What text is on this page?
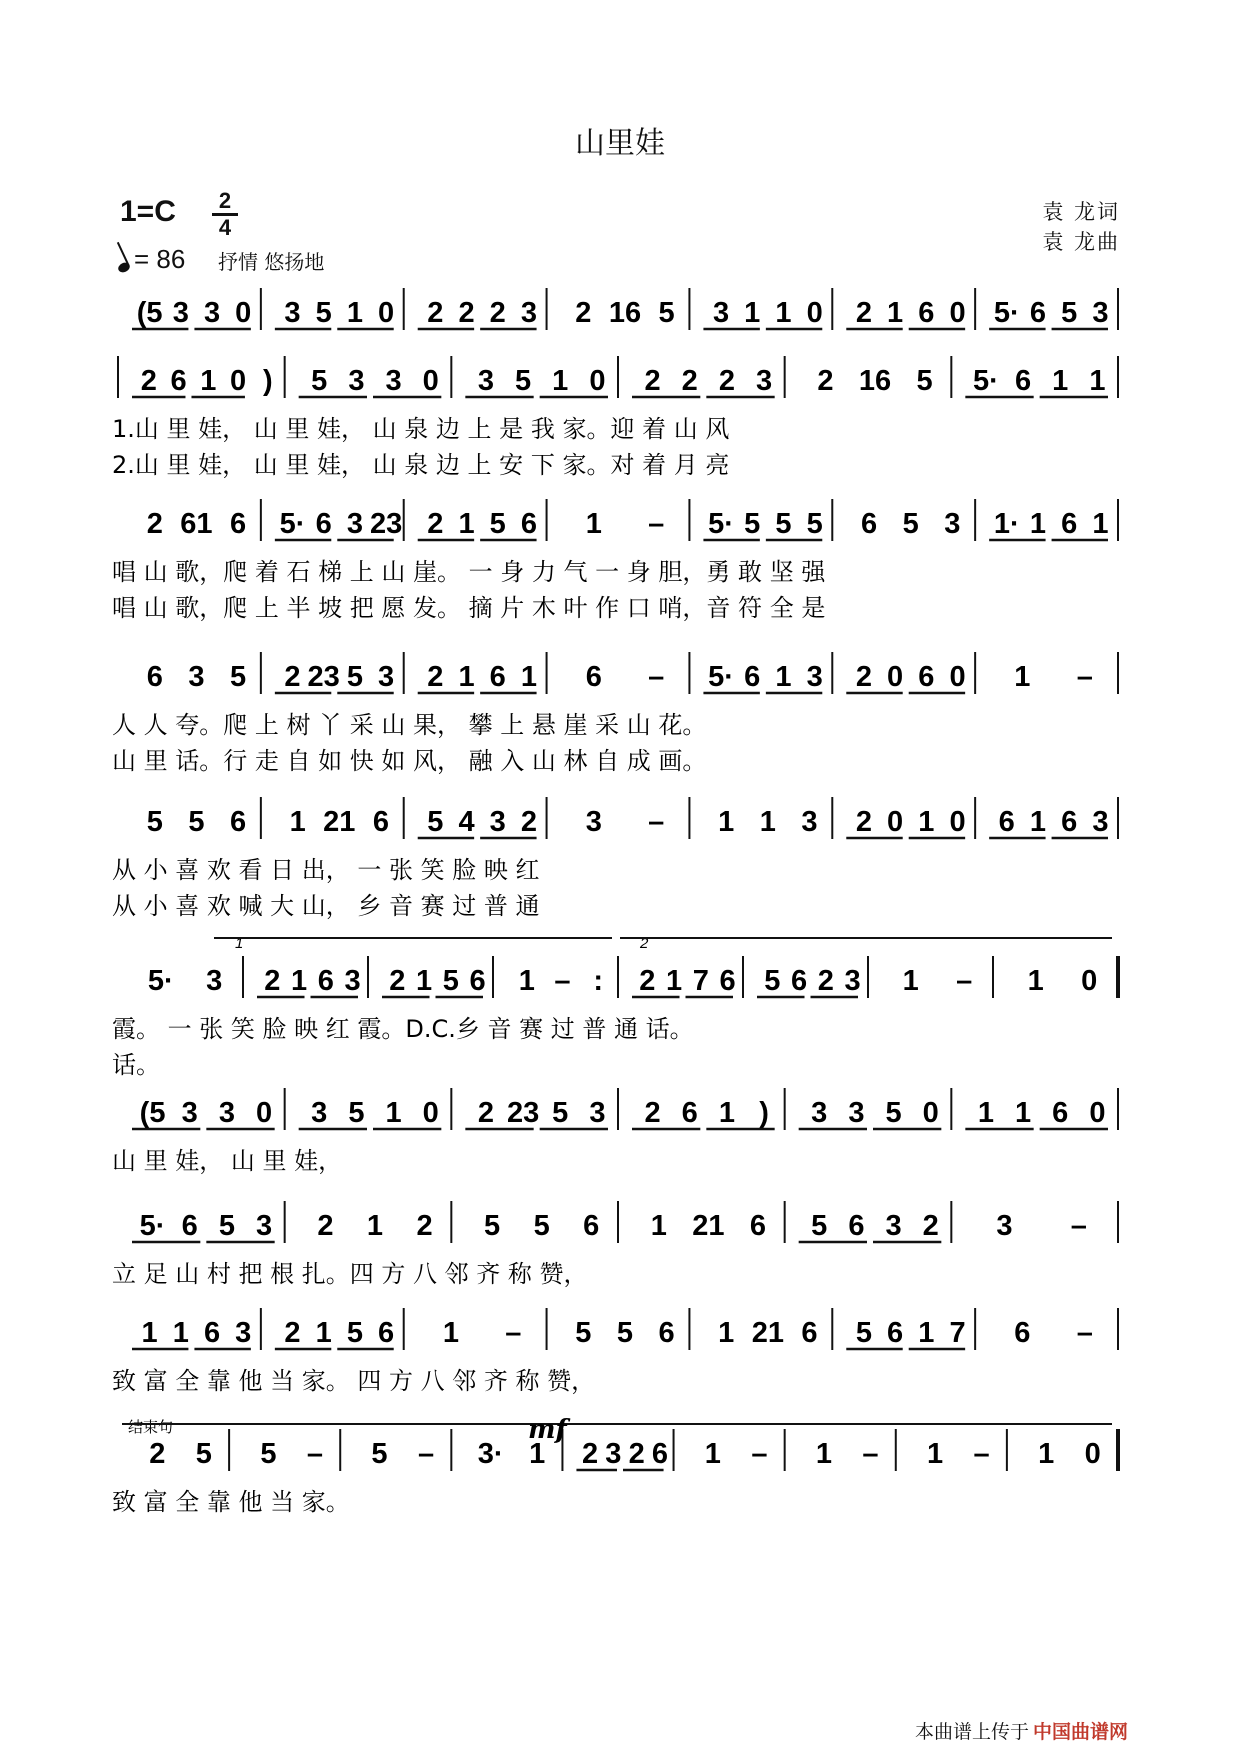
山里娃
1=C	2
4
= 86 抒情 悠扬地
袁 龙词
袁 龙曲
(5 3 3 0 3 5 1 0 2 2 2 3 2 16 5 3 1 1 0 2 1 6 0 5· 6 5 3
2 6 1 0 ) 5 3 3 0 3 5 1 0 2 2 2 3 2 16 5 5· 6 1 1
1.山 里 娃， 山 里 娃， 山 泉 边 上 是 我 家。迎 着 山 风
2.山 里 娃， 山 里 娃， 山 泉 边 上 安 下 家。对 着 月 亮
2 61 6 5· 6 3 23 2 1 5 6 1 – 5· 5 5 5 6 5 3 1· 1 6 1
唱 山 歌，爬 着 石 梯 上 山 崖。 一 身 力 气 一 身 胆，勇 敢 坚 强
唱 山 歌，爬 上 半 坡 把 愿 发。 摘 片 木 叶 作 口 哨，音 符 全 是
6 3 5 2 23 5 3 2 1 6 1 6 – 5· 6 1 3 2 0 6 0 1 –
人 人 夸。爬 上 树 丫 采 山 果， 攀 上 悬 崖 采 山 花。
山 里 话。行 走 自 如 快 如 风， 融 入 山 林 自 成 画。
5 5 6 1 21 6 5 4 3 2 3 – 1 1 3 2 0 1 0 6 1 6 3
从 小 喜 欢 看 日 出， 一 张 笑 脸 映 红
从 小 喜 欢 喊 大 山， 乡 音 赛 过 普 通
5· 3 2 1 6 3 2 1 5 6 1 – : 2 1 7 6 5 6 2 3 1 – 1 0
霞。 一 张 笑 脸 映 红 霞。D.C.乡 音 赛 过 普 通 话。
话。
(5 3 3 0 3 5 1 0 2 23 5 3 2 6 1 ) 3 3 5 0 1 1 6 0
山 里 娃， 山 里 娃，
5· 6 5 3 2 1 2 5 5 6 1 21 6 5 6 3 2 3 –
立 足 山 村 把 根 扎。四 方 八 邻 齐 称 赞，
1 1 6 3 2 1 5 6 1 – 5 5 6 1 21 6 5 6 1 7 6 –
致 富 全 靠 他 当 家。 四 方 八 邻 齐 称 赞，
2 5 5 – 5 – 3· 1 2 3 2 6 1 – 1 – 1 – 1 0
致 富 全 靠 他 当 家。
结束句	mf
1	2
本曲谱上传于 中国曲谱网
